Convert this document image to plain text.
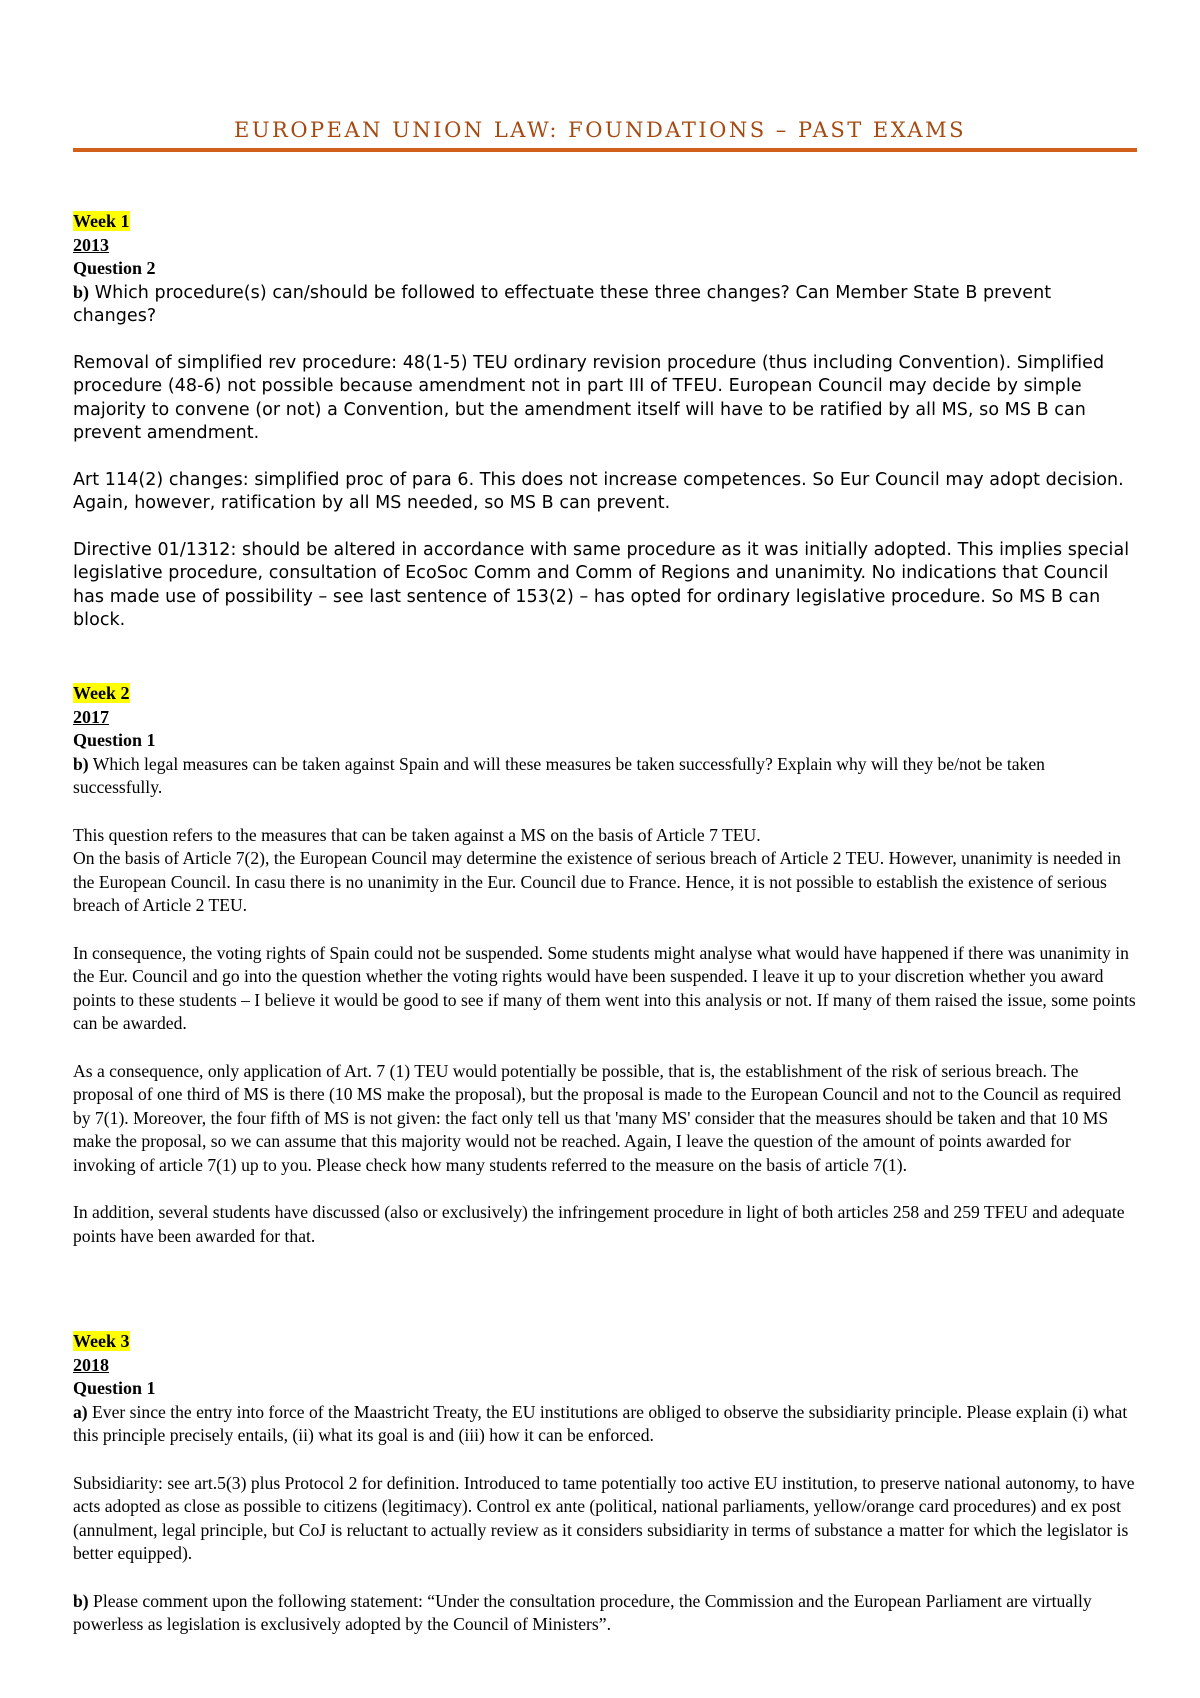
EUROPEAN UNION LAW: FOUNDATIONS – PAST EXAMS

Week 1

2013

Question 2

b) Which procedure(s) can/should be followed to effectuate these three changes? Can Member State B prevent changes?

Removal of simplified rev procedure: 48(1-5) TEU ordinary revision procedure (thus including Convention). Simplified procedure (48-6) not possible because amendment not in part III of TFEU. European Council may decide by simple majority to convene (or not) a Convention, but the amendment itself will have to be ratified by all MS, so MS B can prevent amendment.

Art 114(2) changes: simplified proc of para 6. This does not increase competences. So Eur Council may adopt decision. Again, however, ratification by all MS needed, so MS B can prevent.

Directive 01/1312: should be altered in accordance with same procedure as it was initially adopted. This implies special legislative procedure, consultation of EcoSoc Comm and Comm of Regions and unanimity. No indications that Council has made use of possibility – see last sentence of 153(2) – has opted for ordinary legislative procedure. So MS B can block.

Week 2

2017

Question 1

b) Which legal measures can be taken against Spain and will these measures be taken successfully? Explain why will they be/not be taken successfully.

This question refers to the measures that can be taken against a MS on the basis of Article 7 TEU.

On the basis of Article 7(2), the European Council may determine the existence of serious breach of Article 2 TEU. However, unanimity is needed in the European Council. In casu there is no unanimity in the Eur. Council due to France. Hence, it is not possible to establish the existence of serious breach of Article 2 TEU.

In consequence, the voting rights of Spain could not be suspended. Some students might analyse what would have happened if there was unanimity in the Eur. Council and go into the question whether the voting rights would have been suspended. I leave it up to your discretion whether you award points to these students – I believe it would be good to see if many of them went into this analysis or not. If many of them raised the issue, some points can be awarded.

As a consequence, only application of Art. 7 (1) TEU would potentially be possible, that is, the establishment of the risk of serious breach. The proposal of one third of MS is there (10 MS make the proposal), but the proposal is made to the European Council and not to the Council as required by 7(1). Moreover, the four fifth of MS is not given: the fact only tell us that 'many MS' consider that the measures should be taken and that 10 MS make the proposal, so we can assume that this majority would not be reached. Again, I leave the question of the amount of points awarded for invoking of article 7(1) up to you. Please check how many students referred to the measure on the basis of article 7(1).

In addition, several students have discussed (also or exclusively) the infringement procedure in light of both articles 258 and 259 TFEU and adequate points have been awarded for that.

Week 3

2018

Question 1

a) Ever since the entry into force of the Maastricht Treaty, the EU institutions are obliged to observe the subsidiarity principle. Please explain (i) what this principle precisely entails, (ii) what its goal is and (iii) how it can be enforced.

Subsidiarity: see art.5(3) plus Protocol 2 for definition. Introduced to tame potentially too active EU institution, to preserve national autonomy, to have acts adopted as close as possible to citizens (legitimacy). Control ex ante (political, national parliaments, yellow/orange card procedures) and ex post (annulment, legal principle, but CoJ is reluctant to actually review as it considers subsidiarity in terms of substance a matter for which the legislator is better equipped).

b) Please comment upon the following statement: “Under the consultation procedure, the Commission and the European Parliament are virtually powerless as legislation is exclusively adopted by the Council of Ministers”.
